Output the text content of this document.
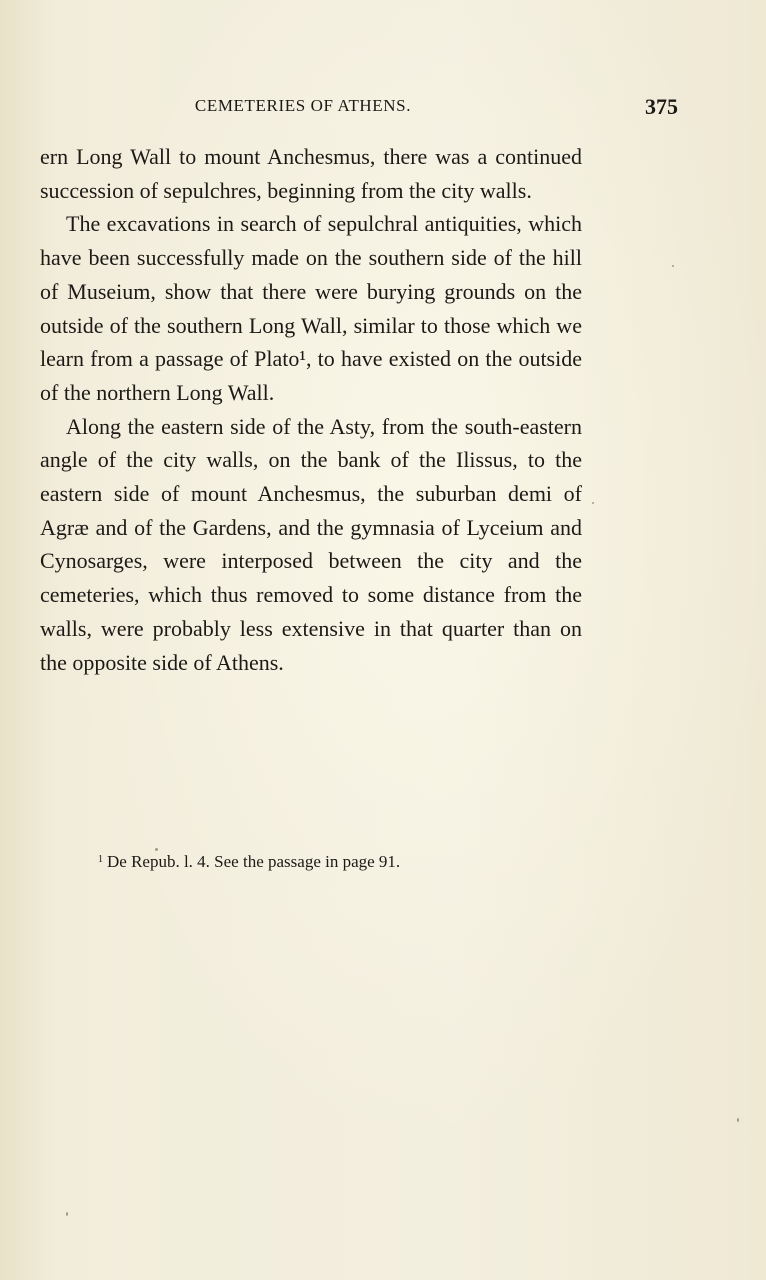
CEMETERIES OF ATHENS.	375

ern Long Wall to mount Anchesmus, there was a continued succession of sepulchres, beginning from the city walls.

The excavations in search of sepulchral antiquities, which have been successfully made on the southern side of the hill of Museium, show that there were burying grounds on the outside of the southern Long Wall, similar to those which we learn from a passage of Plato¹, to have existed on the outside of the northern Long Wall.

Along the eastern side of the Asty, from the south-eastern angle of the city walls, on the bank of the Ilissus, to the eastern side of mount Anchesmus, the suburban demi of Agræ and of the Gardens, and the gymnasia of Lyceium and Cynosarges, were interposed between the city and the cemeteries, which thus removed to some distance from the walls, were probably less extensive in that quarter than on the opposite side of Athens.

$^1$ De Repub. l. 4. See the passage in page 91.
